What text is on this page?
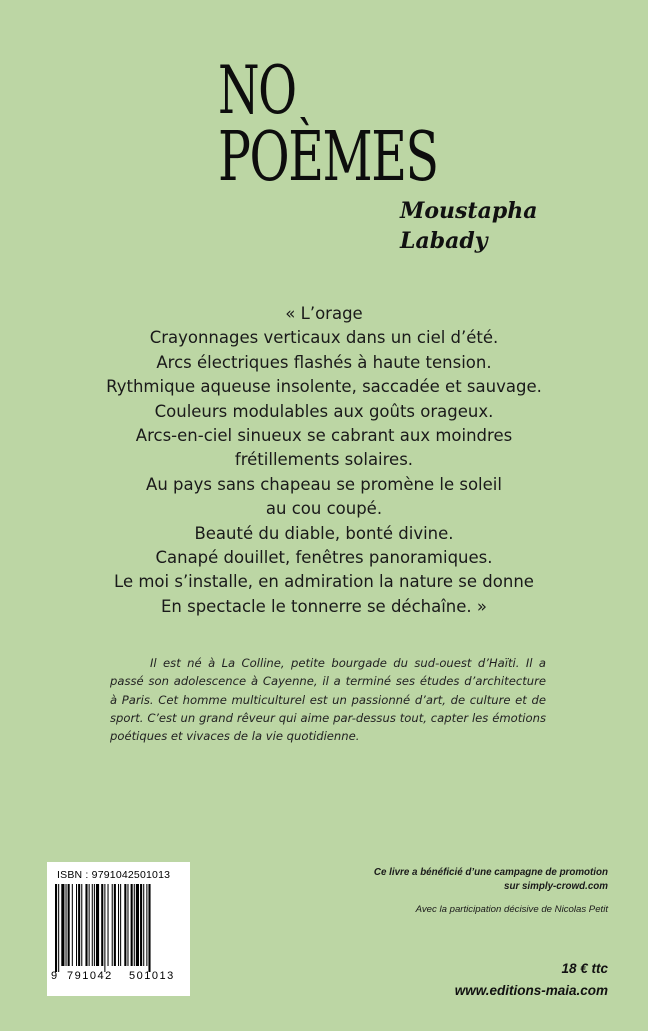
NO
POÈMES
Moustapha
Labady
« L’orage
Crayonnages verticaux dans un ciel d’été.
Arcs électriques flashés à haute tension.
Rythmique aqueuse insolente, saccadée et sauvage.
Couleurs modulables aux goûts orageux.
Arcs-en-ciel sinueux se cabrant aux moindres
frétillements solaires.
Au pays sans chapeau se promène le soleil
au cou coupé.
Beauté du diable, bonté divine.
Canapé douillet, fenêtres panoramiques.
Le moi s’installe, en admiration la nature se donne
En spectacle le tonnerre se déchaîne. »
Il est né à La Colline, petite bourgade du sud-ouest d’Haïti. Il a
passé son adolescence à Cayenne, il a terminé ses études d’architecture
à Paris. Cet homme multiculturel est un passionné d’art, de culture et de
sport. C’est un grand rêveur qui aime par-dessus tout, capter les émotions
poétiques et vivaces de la vie quotidienne.
ISBN : 9791042501013
9 791042 501013
Ce livre a bénéficié d’une campagne de promotion
sur simply-crowd.com
Avec la participation décisive de Nicolas Petit
18 € ttc
www.editions-maia.com
